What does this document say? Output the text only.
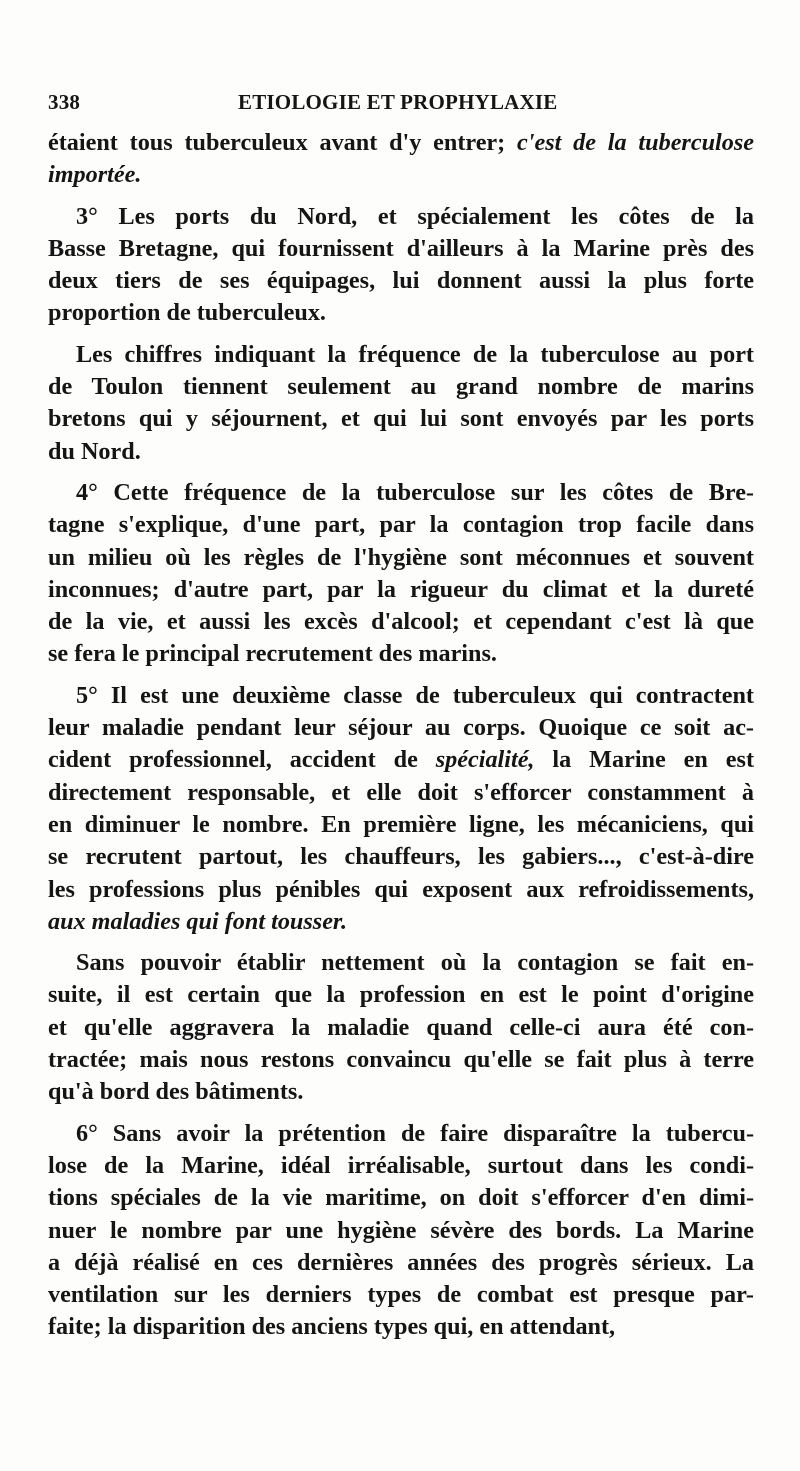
338	ETIOLOGIE ET PROPHYLAXIE
étaient tous tuberculeux avant d'y entrer; c'est de la tuberculose
importée.
3° Les ports du Nord, et spécialement les côtes de la
Basse Bretagne, qui fournissent d'ailleurs à la Marine près des
deux tiers de ses équipages, lui donnent aussi la plus forte
proportion de tuberculeux.
Les chiffres indiquant la fréquence de la tuberculose au port
de Toulon tiennent seulement au grand nombre de marins
bretons qui y séjournent, et qui lui sont envoyés par les ports
du Nord.
4° Cette fréquence de la tuberculose sur les côtes de Bre-
tagne s'explique, d'une part, par la contagion trop facile dans
un milieu où les règles de l'hygiène sont méconnues et souvent
inconnues; d'autre part, par la rigueur du climat et la dureté
de la vie, et aussi les excès d'alcool; et cependant c'est là que
se fera le principal recrutement des marins.
5° Il est une deuxième classe de tuberculeux qui contractent
leur maladie pendant leur séjour au corps. Quoique ce soit ac-
cident professionnel, accident de spécialité, la Marine en est
directement responsable, et elle doit s'efforcer constamment à
en diminuer le nombre. En première ligne, les mécaniciens, qui
se recrutent partout, les chauffeurs, les gabiers..., c'est-à-dire
les professions plus pénibles qui exposent aux refroidissements,
aux maladies qui font tousser.
Sans pouvoir établir nettement où la contagion se fait en-
suite, il est certain que la profession en est le point d'origine
et qu'elle aggravera la maladie quand celle-ci aura été con-
tractée; mais nous restons convaincu qu'elle se fait plus à terre
qu'à bord des bâtiments.
6° Sans avoir la prétention de faire disparaître la tubercu-
lose de la Marine, idéal irréalisable, surtout dans les condi-
tions spéciales de la vie maritime, on doit s'efforcer d'en dimi-
nuer le nombre par une hygiène sévère des bords. La Marine
a déjà réalisé en ces dernières années des progrès sérieux. La
ventilation sur les derniers types de combat est presque par-
faite; la disparition des anciens types qui, en attendant,
